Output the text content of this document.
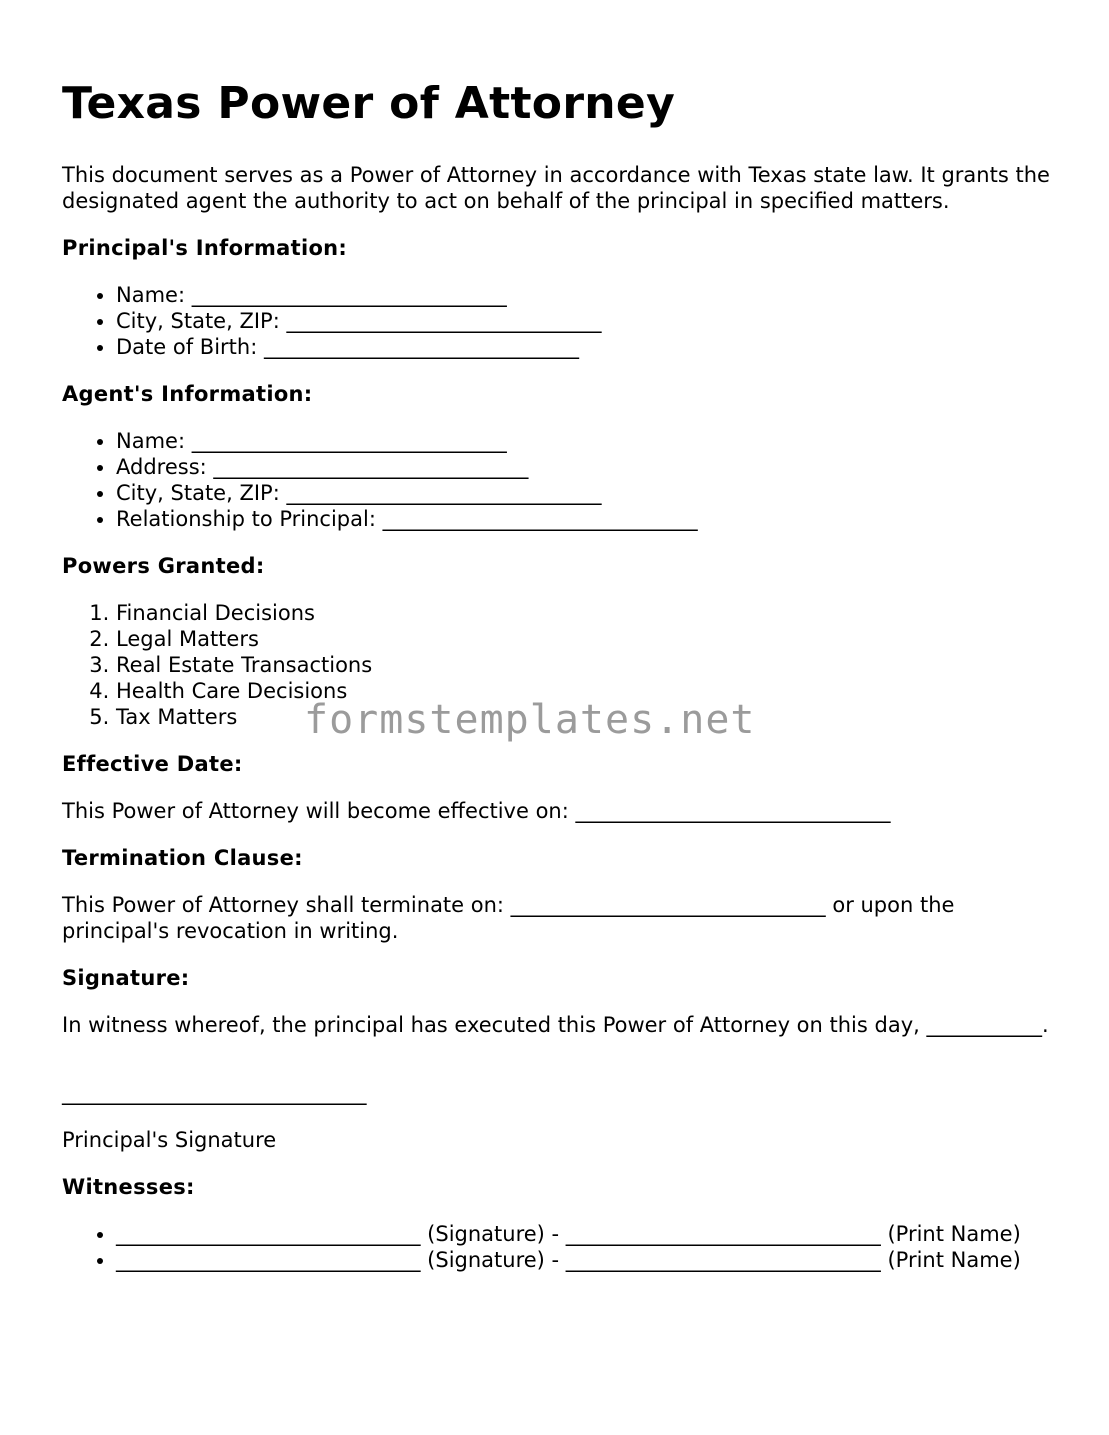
Texas Power of Attorney

This document serves as a Power of Attorney in accordance with Texas state law. It grants the designated agent the authority to act on behalf of the principal in specified matters.

Principal's Information:
• Name: ______________________________
• City, State, ZIP: ______________________________
• Date of Birth: ______________________________
Agent's Information:
• Name: ______________________________
• Address: ______________________________
• City, State, ZIP: ______________________________
• Relationship to Principal: ______________________________
Powers Granted:
1. Financial Decisions
2. Legal Matters
3. Real Estate Transactions
4. Health Care Decisions
5. Tax Matters
Effective Date:

This Power of Attorney will become effective on: ______________________________

Termination Clause:

This Power of Attorney shall terminate on: ______________________________ or upon the principal's revocation in writing.

Signature:

In witness whereof, the principal has executed this Power of Attorney on this day, ___________.

_____________________________

Principal's Signature

Witnesses:
• _____________________________ (Signature) - ______________________________ (Print Name)
• _____________________________ (Signature) - ______________________________ (Print Name)
formstemplates.net
